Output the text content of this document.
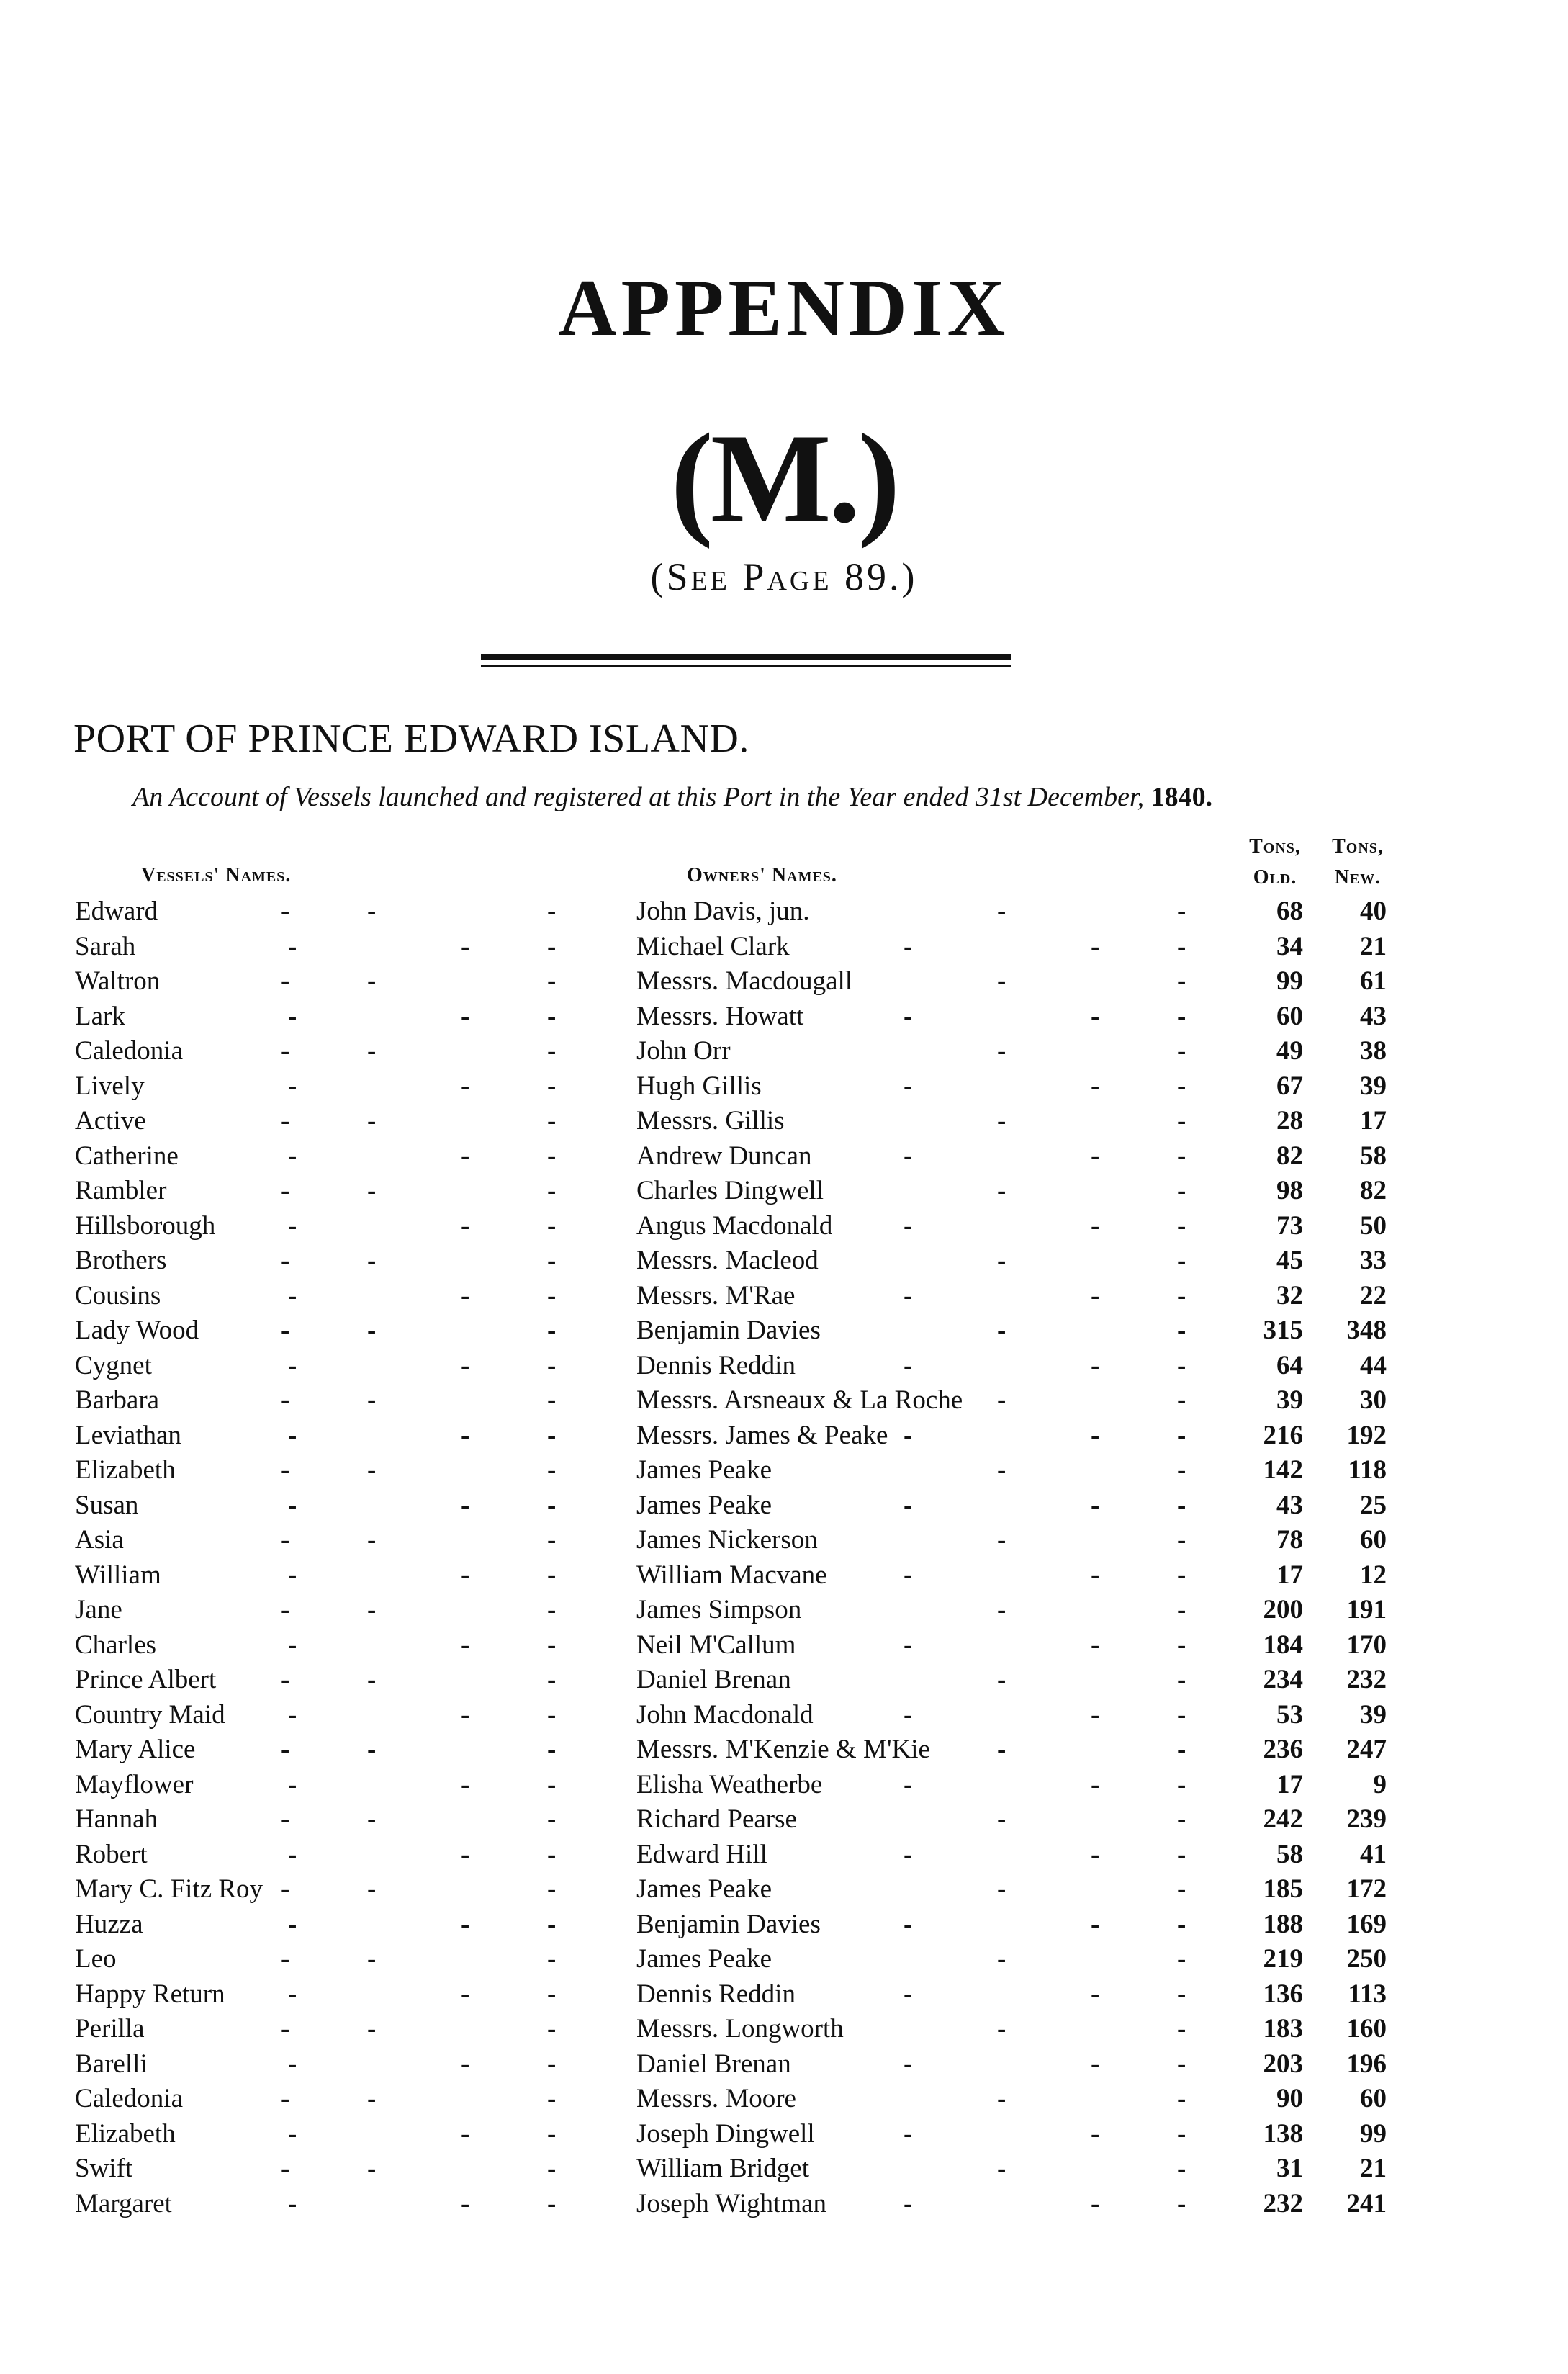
APPENDIX
(M.)
(See Page 89.)
PORT OF PRINCE EDWARD ISLAND.
An Account of Vessels launched and registered at this Port in the Year ended 31st December, 1840.
Vessels' Names.	Owners' Names.
Tons, Old.
Tons, New.
Edward	John Davis, jun.	68	40
-	-	-	-	-
Sarah	Michael Clark	34	21
-	-	-	-	-	-
Waltron	Messrs. Macdougall	99	61
-	-	-	-	-
Lark	Messrs. Howatt	60	43
-	-	-	-	-	-
Caledonia	John Orr	49	38
-	-	-	-	-
Lively	Hugh Gillis	67	39
-	-	-	-	-	-
Active	Messrs. Gillis	28	17
-	-	-	-	-
Catherine	Andrew Duncan	82	58
-	-	-	-	-	-
Rambler	Charles Dingwell	98	82
-	-	-	-	-
Hillsborough	Angus Macdonald	73	50
-	-	-	-	-	-
Brothers	Messrs. Macleod	45	33
-	-	-	-	-
Cousins	Messrs. M'Rae	32	22
-	-	-	-	-	-
Lady Wood	Benjamin Davies	315	348
-	-	-	-	-
Cygnet	Dennis Reddin	64	44
-	-	-	-	-	-
Barbara	Messrs. Arsneaux & La Roche	39	30
-	-	-	-	-
Leviathan	Messrs. James & Peake	216	192
-	-	-	-	-	-
Elizabeth	James Peake	142	118
-	-	-	-	-
Susan	James Peake	43	25
-	-	-	-	-	-
Asia	James Nickerson	78	60
-	-	-	-	-
William	William Macvane	17	12
-	-	-	-	-	-
Jane	James Simpson	200	191
-	-	-	-	-
Charles	Neil M'Callum	184	170
-	-	-	-	-	-
Prince Albert	Daniel Brenan	234	232
-	-	-	-	-
Country Maid	John Macdonald	53	39
-	-	-	-	-	-
Mary Alice	Messrs. M'Kenzie & M'Kie	236	247
-	-	-	-	-
Mayflower	Elisha Weatherbe	17	9
-	-	-	-	-	-
Hannah	Richard Pearse	242	239
-	-	-	-	-
Robert	Edward Hill	58	41
-	-	-	-	-	-
Mary C. Fitz Roy	James Peake	185	172
-	-	-	-	-
Huzza	Benjamin Davies	188	169
-	-	-	-	-	-
Leo	James Peake	219	250
-	-	-	-	-
Happy Return	Dennis Reddin	136	113
-	-	-	-	-	-
Perilla	Messrs. Longworth	183	160
-	-	-	-	-
Barelli	Daniel Brenan	203	196
-	-	-	-	-	-
Caledonia	Messrs. Moore	90	60
-	-	-	-	-
Elizabeth	Joseph Dingwell	138	99
-	-	-	-	-	-
Swift	William Bridget	31	21
-	-	-	-	-
Margaret	Joseph Wightman	232	241
-	-	-	-	-	-
